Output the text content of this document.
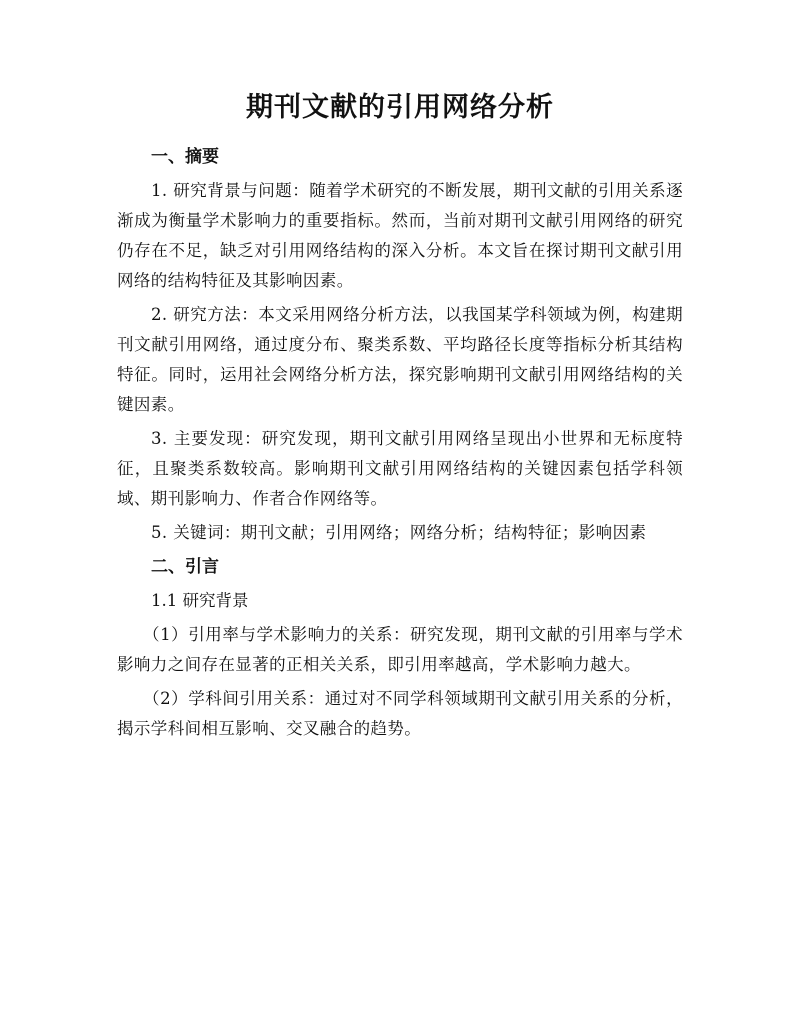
期刊文献的引用网络分析
一、摘要

1. 研究背景与问题：随着学术研究的不断发展，期刊文献的引用关系逐渐成为衡量学术影响力的重要指标。然而，当前对期刊文献引用网络的研究仍存在不足，缺乏对引用网络结构的深入分析。本文旨在探讨期刊文献引用网络的结构特征及其影响因素。

2. 研究方法：本文采用网络分析方法，以我国某学科领域为例，构建期刊文献引用网络，通过度分布、聚类系数、平均路径长度等指标分析其结构特征。同时，运用社会网络分析方法，探究影响期刊文献引用网络结构的关键因素。

3. 主要发现：研究发现，期刊文献引用网络呈现出小世界和无标度特征，且聚类系数较高。影响期刊文献引用网络结构的关键因素包括学科领域、期刊影响力、作者合作网络等。

5. 关键词：期刊文献；引用网络；网络分析；结构特征；影响因素

二、引言
1.1 研究背景

（1）引用率与学术影响力的关系：研究发现，期刊文献的引用率与学术影响力之间存在显著的正相关关系，即引用率越高，学术影响力越大。

（2）学科间引用关系：通过对不同学科领域期刊文献引用关系的分析，揭示学科间相互影响、交叉融合的趋势。
